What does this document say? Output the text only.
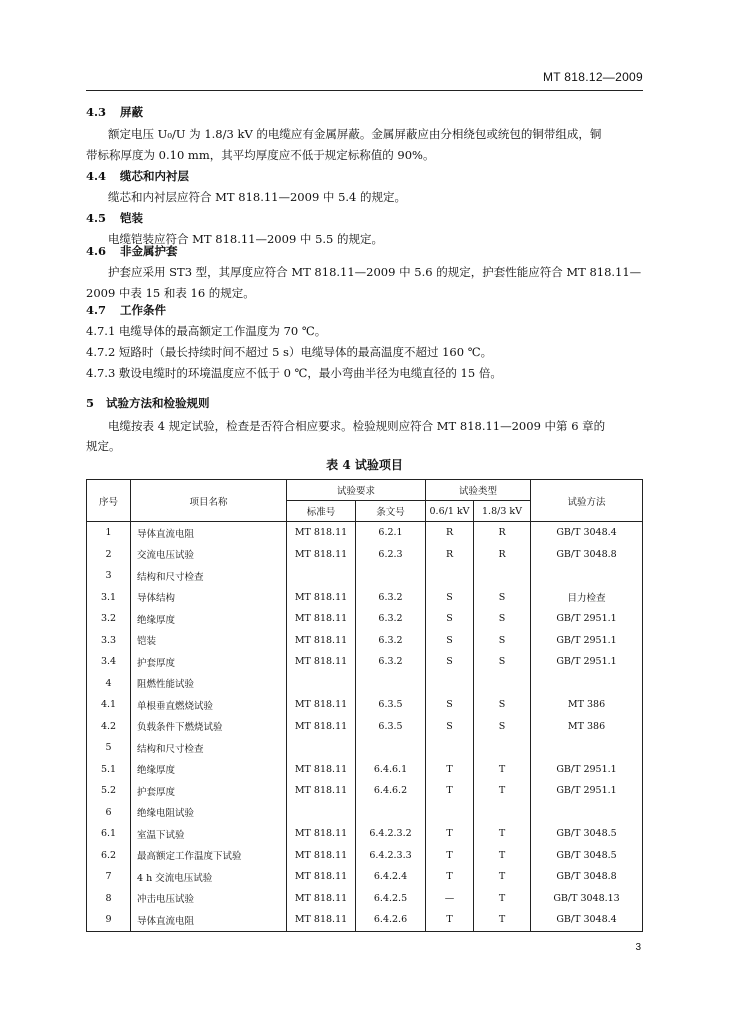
MT 818.12—2009
4.3 屏蔽
额定电压 U₀/U 为 1.8/3 kV 的电缆应有金属屏蔽。金属屏蔽应由分相绕包或统包的铜带组成，铜
带标称厚度为 0.10 mm，其平均厚度应不低于规定标称值的 90%。
4.4 缆芯和内衬层
缆芯和内衬层应符合 MT 818.11—2009 中 5.4 的规定。
4.5 铠装
电缆铠装应符合 MT 818.11—2009 中 5.5 的规定。
4.6 非金属护套
护套应采用 ST3 型，其厚度应符合 MT 818.11—2009 中 5.6 的规定，护套性能应符合 MT 818.11—
2009 中表 15 和表 16 的规定。
4.7 工作条件
4.7.1 电缆导体的最高额定工作温度为 70 ℃。
4.7.2 短路时（最长持续时间不超过 5 s）电缆导体的最高温度不超过 160 ℃。
4.7.3 敷设电缆时的环境温度应不低于 0 ℃，最小弯曲半径为电缆直径的 15 倍。
5 试验方法和检验规则
电缆按表 4 规定试验，检查是否符合相应要求。检验规则应符合 MT 818.11—2009 中第 6 章的
规定。
表 4 试验项目
序号	项目名称	试验要求		试验类型		试验方法
		标准号	条文号	0.6/1 kV	1.8/3 kV	
1	导体直流电阻	MT 818.11	6.2.1	R	R	GB/T 3048.4
2	交流电压试验	MT 818.11	6.2.3	R	R	GB/T 3048.8
3	结构和尺寸检查					
3.1	导体结构	MT 818.11	6.3.2	S	S	目力检查
3.2	绝缘厚度	MT 818.11	6.3.2	S	S	GB/T 2951.1
3.3	铠装	MT 818.11	6.3.2	S	S	GB/T 2951.1
3.4	护套厚度	MT 818.11	6.3.2	S	S	GB/T 2951.1
4	阻燃性能试验					
4.1	单根垂直燃烧试验	MT 818.11	6.3.5	S	S	MT 386
4.2	负载条件下燃烧试验	MT 818.11	6.3.5	S	S	MT 386
5	结构和尺寸检查					
5.1	绝缘厚度	MT 818.11	6.4.6.1	T	T	GB/T 2951.1
5.2	护套厚度	MT 818.11	6.4.6.2	T	T	GB/T 2951.1
6	绝缘电阻试验					
6.1	室温下试验	MT 818.11	6.4.2.3.2	T	T	GB/T 3048.5
6.2	最高额定工作温度下试验	MT 818.11	6.4.2.3.3	T	T	GB/T 3048.5
7	4 h 交流电压试验	MT 818.11	6.4.2.4	T	T	GB/T 3048.8
8	冲击电压试验	MT 818.11	6.4.2.5	—	T	GB/T 3048.13
9	导体直流电阻	MT 818.11	6.4.2.6	T	T	GB/T 3048.4
3
